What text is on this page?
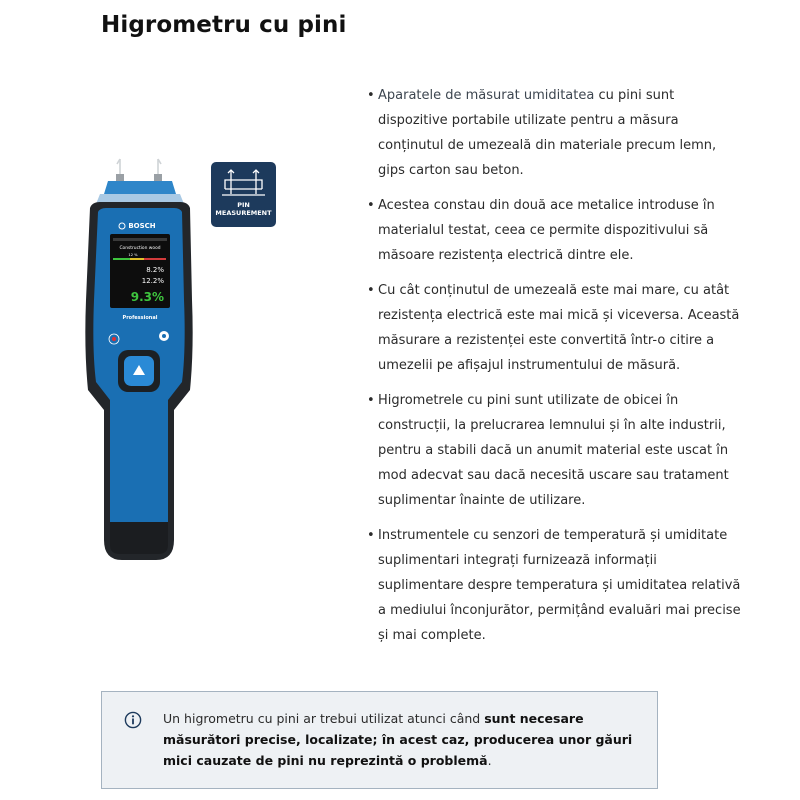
Higrometru cu pini
BOSCH
Construction wood
12 %
8.2%
12.2%
9.3%
Professional
PIN
MEASUREMENT
• Aparatele de măsurat umiditatea cu pini sunt
dispozitive portabile utilizate pentru a măsura
conținutul de umezeală din materiale precum lemn,
gips carton sau beton.
• Acestea constau din două ace metalice introduse în
materialul testat, ceea ce permite dispozitivului să
măsoare rezistența electrică dintre ele.
• Cu cât conținutul de umezeală este mai mare, cu atât
rezistența electrică este mai mică și viceversa. Această
măsurare a rezistenței este convertită într-o citire a
umezelii pe afișajul instrumentului de măsură.
• Higrometrele cu pini sunt utilizate de obicei în
construcții, la prelucrarea lemnului și în alte industrii,
pentru a stabili dacă un anumit material este uscat în
mod adecvat sau dacă necesită uscare sau tratament
suplimentar înainte de utilizare.
• Instrumentele cu senzori de temperatură și umiditate
suplimentari integrați furnizează informații
suplimentare despre temperatura și umiditatea relativă
a mediului înconjurător, permițând evaluări mai precise
și mai complete.

Un higrometru cu pini ar trebui utilizat atunci când sunt necesare măsurători precise, localizate; în acest caz, producerea unor găuri mici cauzate de pini nu reprezintă o problemă.
